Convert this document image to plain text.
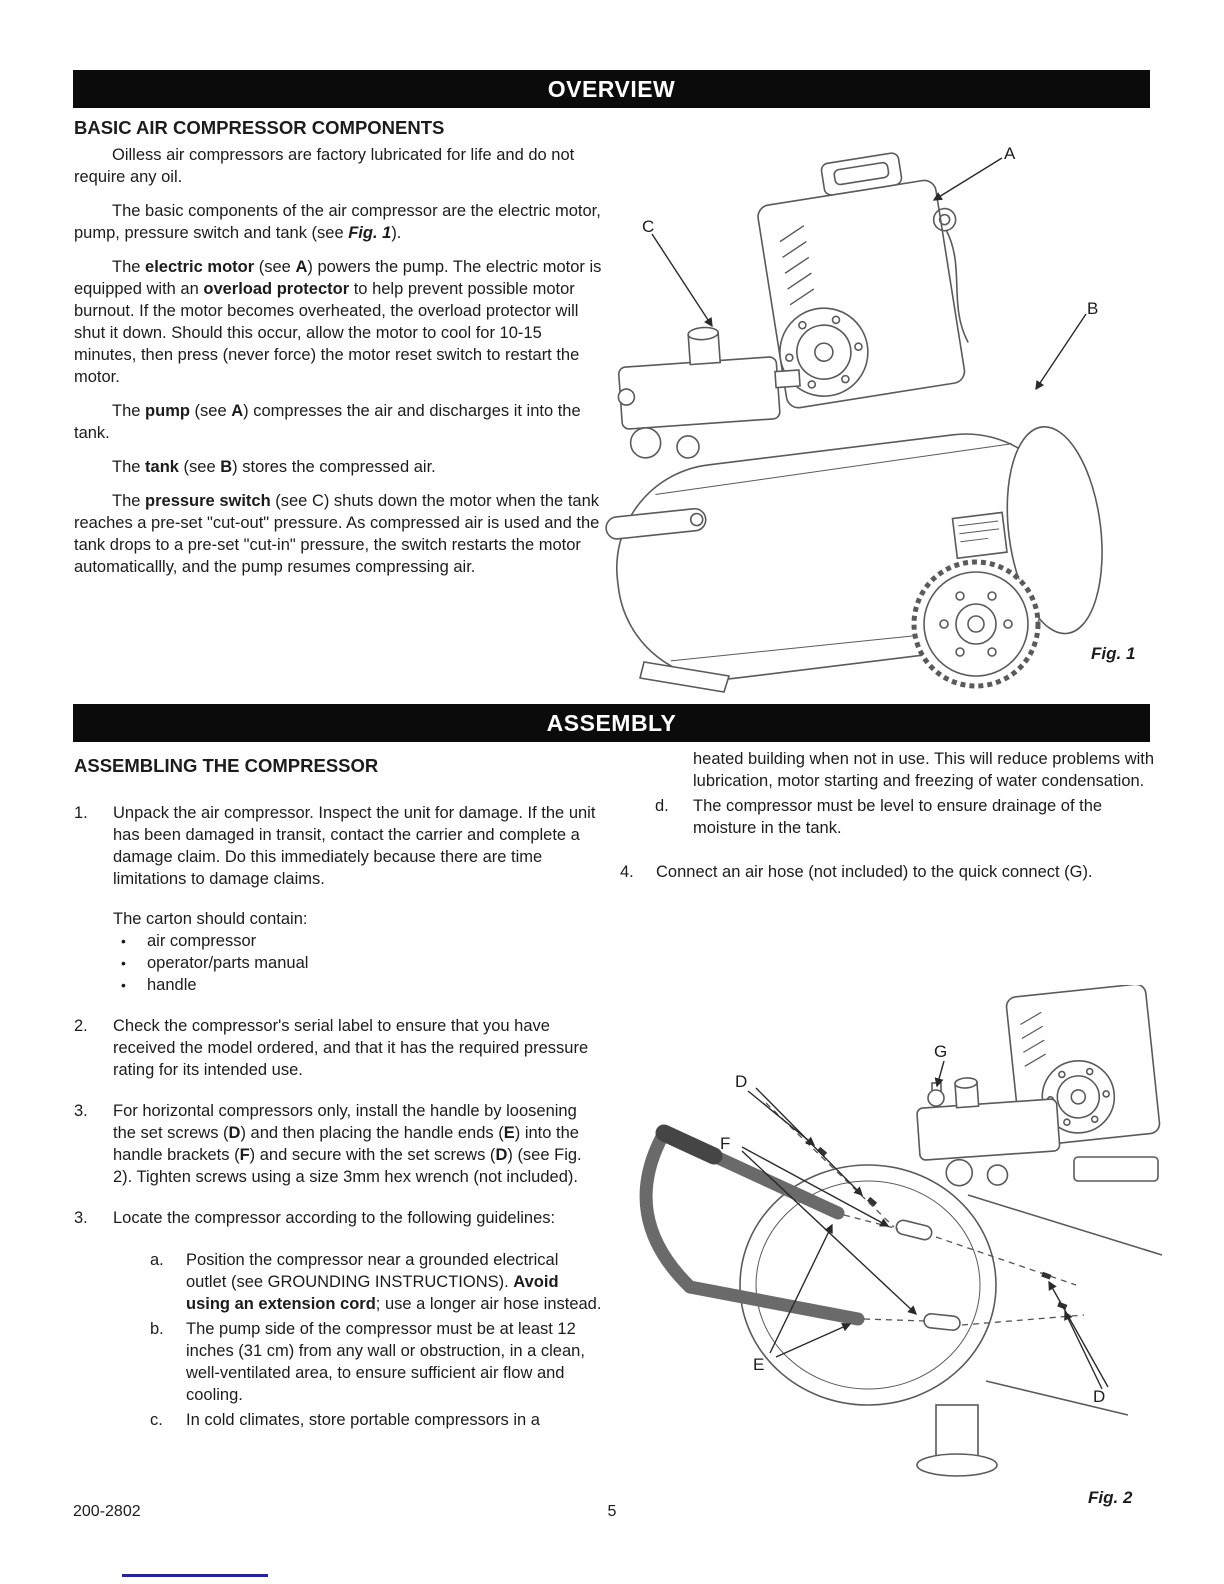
OVERVIEW
BASIC AIR COMPRESSOR COMPONENTS

Oilless air compressors are factory lubricated for life and do not require any oil.

The basic components of the air compressor are the electric motor, pump, pressure switch and tank (see Fig. 1).

The electric motor (see A) powers the pump. The electric motor is equipped with an overload protector to help prevent possible motor burnout. If the motor becomes overheated, the overload protector will shut it down. Should this occur, allow the motor to cool for 10-15 minutes, then press (never force) the motor reset switch to restart the motor.

The pump (see A) compresses the air and discharges it into the tank.

The tank (see B) stores the compressed air.

The pressure switch (see C) shuts down the motor when the tank reaches a pre-set "cut-out" pressure. As compressed air is used and the tank drops to a pre-set "cut-in" pressure, the switch restarts the motor automaticallly, and the pump resumes compressing air.

A
B
C
Fig. 1
ASSEMBLY
ASSEMBLING THE COMPRESSOR
1.	Unpack the air compressor. Inspect the unit for damage. If the unit has been damaged in transit, contact the carrier and complete a damage claim. Do this immediately because there are time limitations to damage claims.
The carton should contain:
•	air compressor
•	operator/parts manual
•	handle
2.	Check the compressor's serial label to ensure that you have received the model ordered, and that it has the required pressure rating for its intended use.
3.	For horizontal compressors only, install the handle by loosening the set screws (D) and then placing the handle ends (E) into the handle brackets (F) and secure with the set screws (D) (see Fig. 2). Tighten screws using a size 3mm hex wrench (not included).
3.	Locate the compressor according to the following guidelines:
a.	Position the compressor near a grounded electrical outlet (see GROUNDING INSTRUCTIONS). Avoid using an extension cord; use a longer air hose instead.
b.	The pump side of the compressor must be at least 12 inches (31 cm) from any wall or obstruction, in a clean, well-ventilated area, to ensure sufficient air flow and cooling.
c.	In cold climates, store portable compressors in a
heated building when not in use. This will reduce problems with lubrication, motor starting and freezing of water condensation.
d.	The compressor must be level to ensure drainage of the moisture in the tank.
4.	Connect an air hose (not included) to the quick connect (G).
D
G
F
E
D
Fig. 2
200-2802	5
